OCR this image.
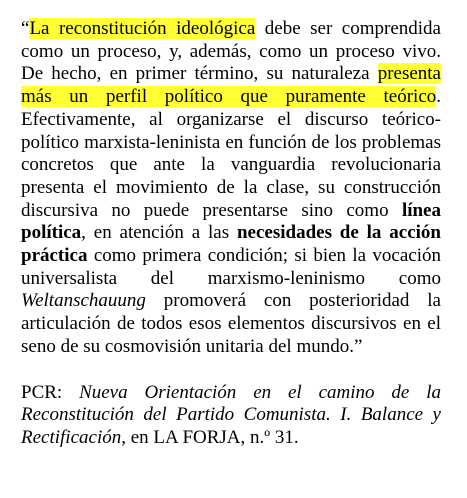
“La reconstitución ideológica debe ser comprendida como un proceso, y, además, como un proceso vivo. De hecho, en primer término, su naturaleza presenta más un perfil político que puramente teórico. Efectivamente, al organizarse el discurso teórico-político marxista-leninista en función de los problemas concretos que ante la vanguardia revolucionaria presenta el movimiento de la clase, su construcción discursiva no puede presentarse sino como línea política, en atención a las necesidades de la acción práctica como primera condición; si bien la vocación universalista del marxismo-leninismo como Weltanschauung promoverá con posterioridad la articulación de todos esos elementos discursivos en el seno de su cosmovisión unitaria del mundo.”

PCR: Nueva Orientación en el camino de la Reconstitución del Partido Comunista. I. Balance y Rectificación, en LA FORJA, n.º 31.
